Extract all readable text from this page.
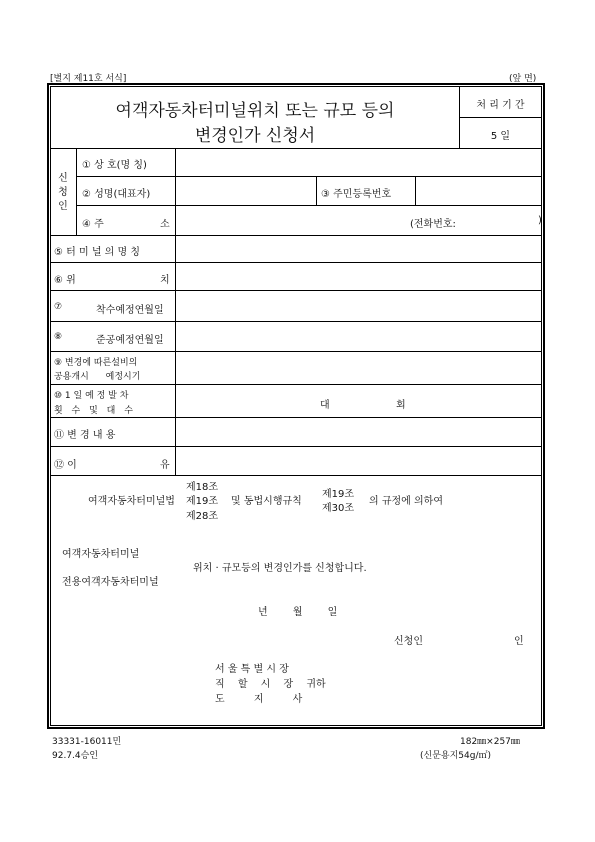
[별지 제11호 서식]	(앞 면)
여객자동차터미널위치 또는 규모 등의
변경인가 신청서
처 리 기 간
5 일
신
청
인
① 상 호(명 칭)
② 성명(대표자)	③ 주민등록번호
④ 주	소	(전화번호:	)
⑤ 터 미 널 의 명 칭
⑥ 위	치
⑦	착수예정연월일
⑧	준공예정연월일
⑨ 변경에 따른설비의
공용개시 예정시기
⑩ 1 일 예 정 발 차
횟 수 및 대 수	대	회
⑪ 변 경 내 용
⑫ 이	유
제18조
여객자동차터미널법 제19조
제28조
및 동법시행규칙
제19조
제30조
의 규정에 의하여
여객자동차터미널
위치 · 규모등의 변경인가를 신청합니다.
전용여객자동차터미널
년 월 일
신청인	인
서 울 특 별 시 장
직 할 시 장 귀하
도 지 사
33331-16011민
92.7.4승인
182㎜×257㎜
(신문용지54g/㎡)
